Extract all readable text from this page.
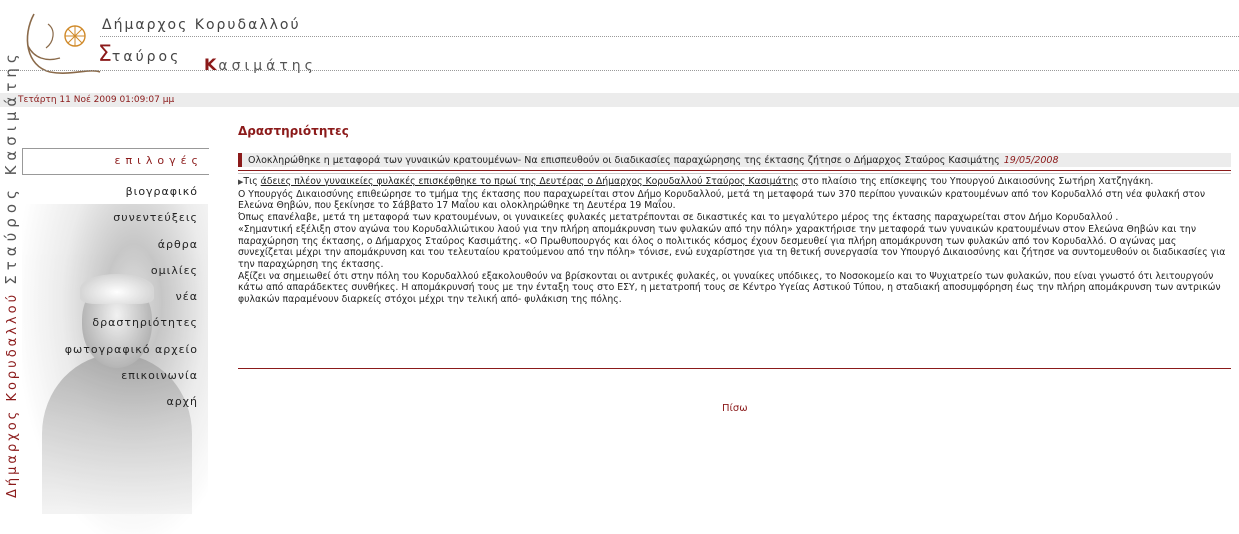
Δήμαρχος Κορυδαλλού
Σταύρος Κασιμάτης
Τετάρτη 11 Νοέ 2009 01:09:07 μμ
επιλογές
βιογραφικό
συνεντεύξεις
άρθρα
ομιλίες
νέα
δραστηριότητες
φωτογραφικό αρχείο
επικοινωνία
αρχή
Δήμαρχος Κορυδαλλού Σταύρος Κασιμάτης	Δραστηριότητες
Ολοκληρώθηκε η μεταφορά των γυναικών κρατουμένων- Να επισπευθούν οι διαδικασίες παραχώρησης της έκτασης ζήτησε ο Δήμαρχος Σταύρος Κασιμάτης 19/05/2008

▶Τις άδειες πλέον γυναικείες φυλακές επισκέφθηκε το πρωί της Δευτέρας ο Δήμαρχος Κορυδαλλού Σταύρος Κασιμάτης στο πλαίσιο της επίσκεψης του Υπουργού Δικαιοσύνης Σωτήρη Χατζηγάκη.

Ο Υπουργός Δικαιοσύνης επιθεώρησε το τμήμα της έκτασης που παραχωρείται στον Δήμο Κορυδαλλού, μετά τη μεταφορά των 370 περίπου γυναικών κρατουμένων από τον Κορυδαλλό στη νέα φυλακή στον Ελεώνα Θηβών, που ξεκίνησε το Σάββατο 17 Μαΐου και ολοκληρώθηκε τη Δευτέρα 19 Μαΐου.

Όπως επανέλαβε, μετά τη μεταφορά των κρατουμένων, οι γυναικείες φυλακές μετατρέπονται σε δικαστικές και το μεγαλύτερο μέρος της έκτασης παραχωρείται στον Δήμο Κορυδαλλού .

«Σημαντική εξέλιξη στον αγώνα του Κορυδαλλιώτικου λαού για την πλήρη απομάκρυνση των φυλακών από την πόλη» χαρακτήρισε την μεταφορά των γυναικών κρατουμένων στον Ελεώνα Θηβών και την παραχώρηση της έκτασης, ο Δήμαρχος Σταύρος Κασιμάτης. «Ο Πρωθυπουργός και όλος ο πολιτικός κόσμος έχουν δεσμευθεί για πλήρη απομάκρυνση των φυλακών από τον Κορυδαλλό. Ο αγώνας μας συνεχίζεται μέχρι την απομάκρυνση και του τελευταίου κρατούμενου από την πόλη» τόνισε, ενώ ευχαρίστησε για τη θετική συνεργασία τον Υπουργό Δικαιοσύνης και ζήτησε να συντομευθούν οι διαδικασίες για την παραχώρηση της έκτασης.

Αξίζει να σημειωθεί ότι στην πόλη του Κορυδαλλού εξακολουθούν να βρίσκονται οι αντρικές φυλακές, οι γυναίκες υπόδικες, το Νοσοκομείο και το Ψυχιατρείο των φυλακών, που είναι γνωστό ότι λειτουργούν κάτω από απαράδεκτες συνθήκες. Η απομάκρυνσή τους με την ένταξη τους στο ΕΣΥ, η μετατροπή τους σε Κέντρο Υγείας Αστικού Τύπου, η σταδιακή αποσυμφόρηση έως την πλήρη απομάκρυνση των αντρικών φυλακών παραμένουν διαρκείς στόχοι μέχρι την τελική από- φυλάκιση της πόλης.

Πίσω
